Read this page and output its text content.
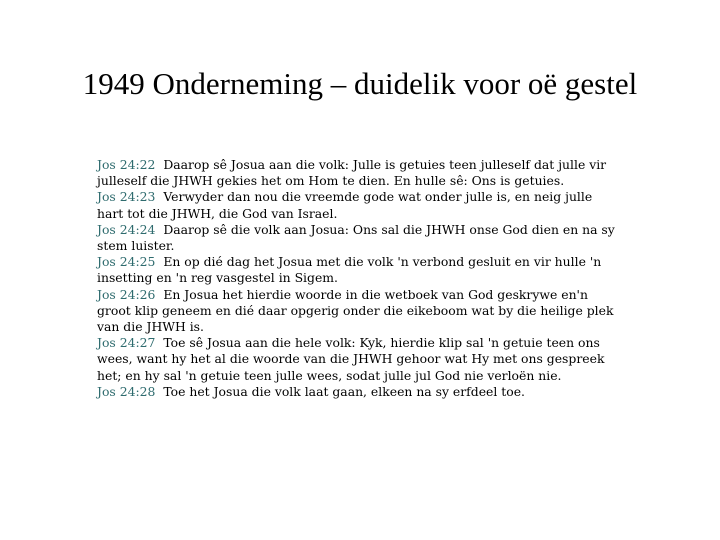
1949 Onderneming – duidelik voor oë gestel

Jos 24:22 Daarop sê Josua aan die volk: Julle is getuies teen julleself dat julle vir julleself die JHWH gekies het om Hom te dien. En hulle sê: Ons is getuies.

Jos 24:23 Verwyder dan nou die vreemde gode wat onder julle is, en neig julle hart tot die JHWH, die God van Israel.

Jos 24:24 Daarop sê die volk aan Josua: Ons sal die JHWH onse God dien en na sy stem luister.

Jos 24:25 En op dié dag het Josua met die volk 'n verbond gesluit en vir hulle 'n insetting en 'n reg vasgestel in Sigem.

Jos 24:26 En Josua het hierdie woorde in die wetboek van God geskrywe en'n groot klip geneem en dié daar opgerig onder die eikeboom wat by die heilige plek van die JHWH is.

Jos 24:27 Toe sê Josua aan die hele volk: Kyk, hierdie klip sal 'n getuie teen ons wees, want hy het al die woorde van die JHWH gehoor wat Hy met ons gespreek het; en hy sal 'n getuie teen julle wees, sodat julle jul God nie verloën nie.

Jos 24:28 Toe het Josua die volk laat gaan, elkeen na sy erfdeel toe.
